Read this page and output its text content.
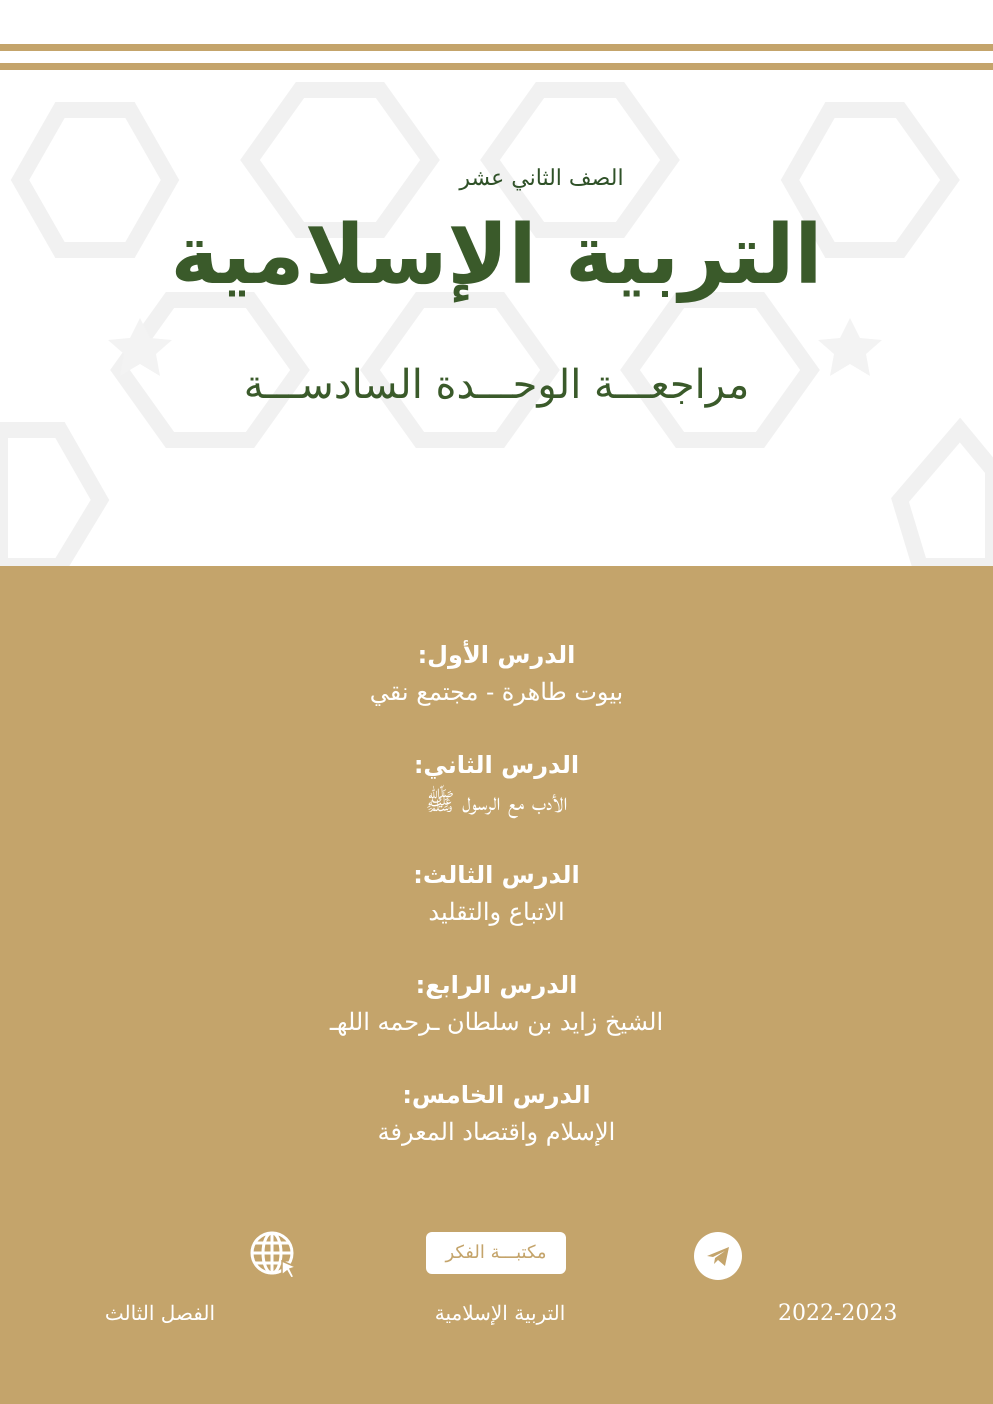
الصف الثاني عشر
التربية الإسلامية
مراجعـــة الوحـــدة السادســـة
الدرس الأول:
بيوت طاهرة - مجتمع نقي
الدرس الثاني:
الأدب مع الرسول ﷺ
الدرس الثالث:
الاتباع والتقليد
الدرس الرابع:
الشيخ زايد بن سلطان ـرحمه اللهـ
الدرس الخامس:
الإسلام واقتصاد المعرفة
مكتبـــة الفكر
2022-2023
التربية الإسلامية
الفصل الثالث
